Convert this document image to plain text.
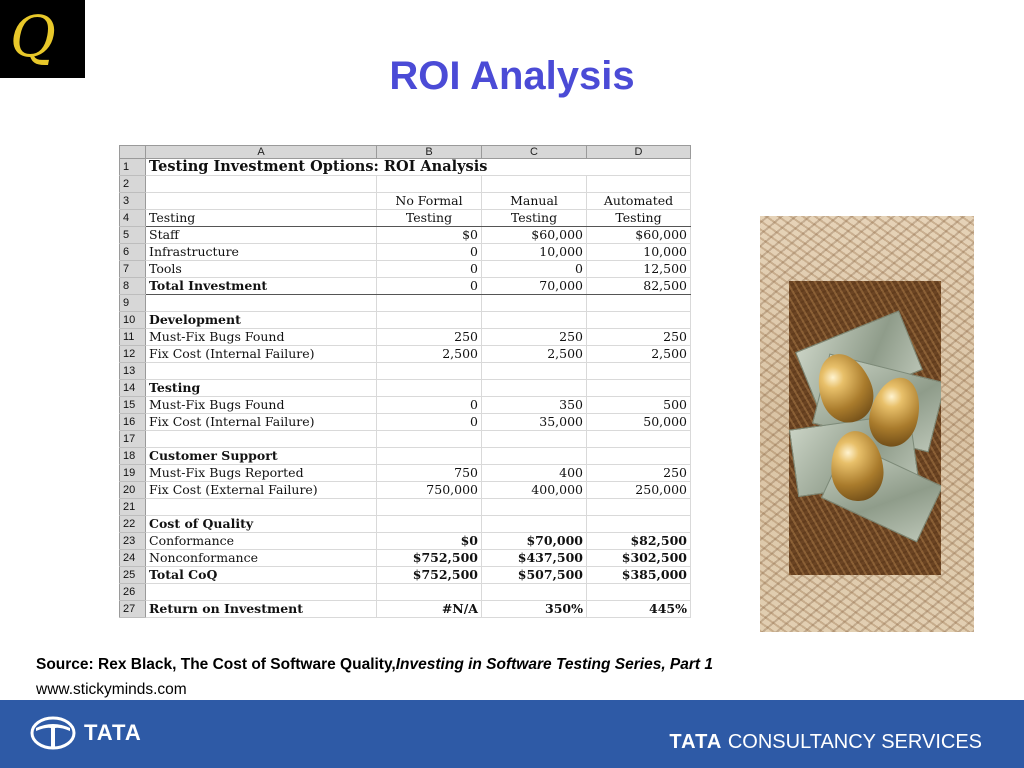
Q
ROI Analysis
	A	B	C	D
1	Testing Investment Options: ROI Analysis			
2				
3		No Formal	Manual	Automated
4	Testing	Testing	Testing	Testing
5	Staff	$0	$60,000	$60,000
6	Infrastructure	0	10,000	10,000
7	Tools	0	0	12,500
8	Total Investment	0	70,000	82,500
9				
10	Development			
11	Must-Fix Bugs Found	250	250	250
12	Fix Cost (Internal Failure)	2,500	2,500	2,500
13				
14	Testing			
15	Must-Fix Bugs Found	0	350	500
16	Fix Cost (Internal Failure)	0	35,000	50,000
17				
18	Customer Support			
19	Must-Fix Bugs Reported	750	400	250
20	Fix Cost (External Failure)	750,000	400,000	250,000
21				
22	Cost of Quality			
23	Conformance	$0	$70,000	$82,500
24	Nonconformance	$752,500	$437,500	$302,500
25	Total CoQ	$752,500	$507,500	$385,000
26				
27	Return on Investment	#N/A	350%	445%
Source: Rex Black, The Cost of Software Quality,Investing in Software Testing Series, Part 1
www.stickyminds.com
TATA	TATA CONSULTANCY SERVICES
